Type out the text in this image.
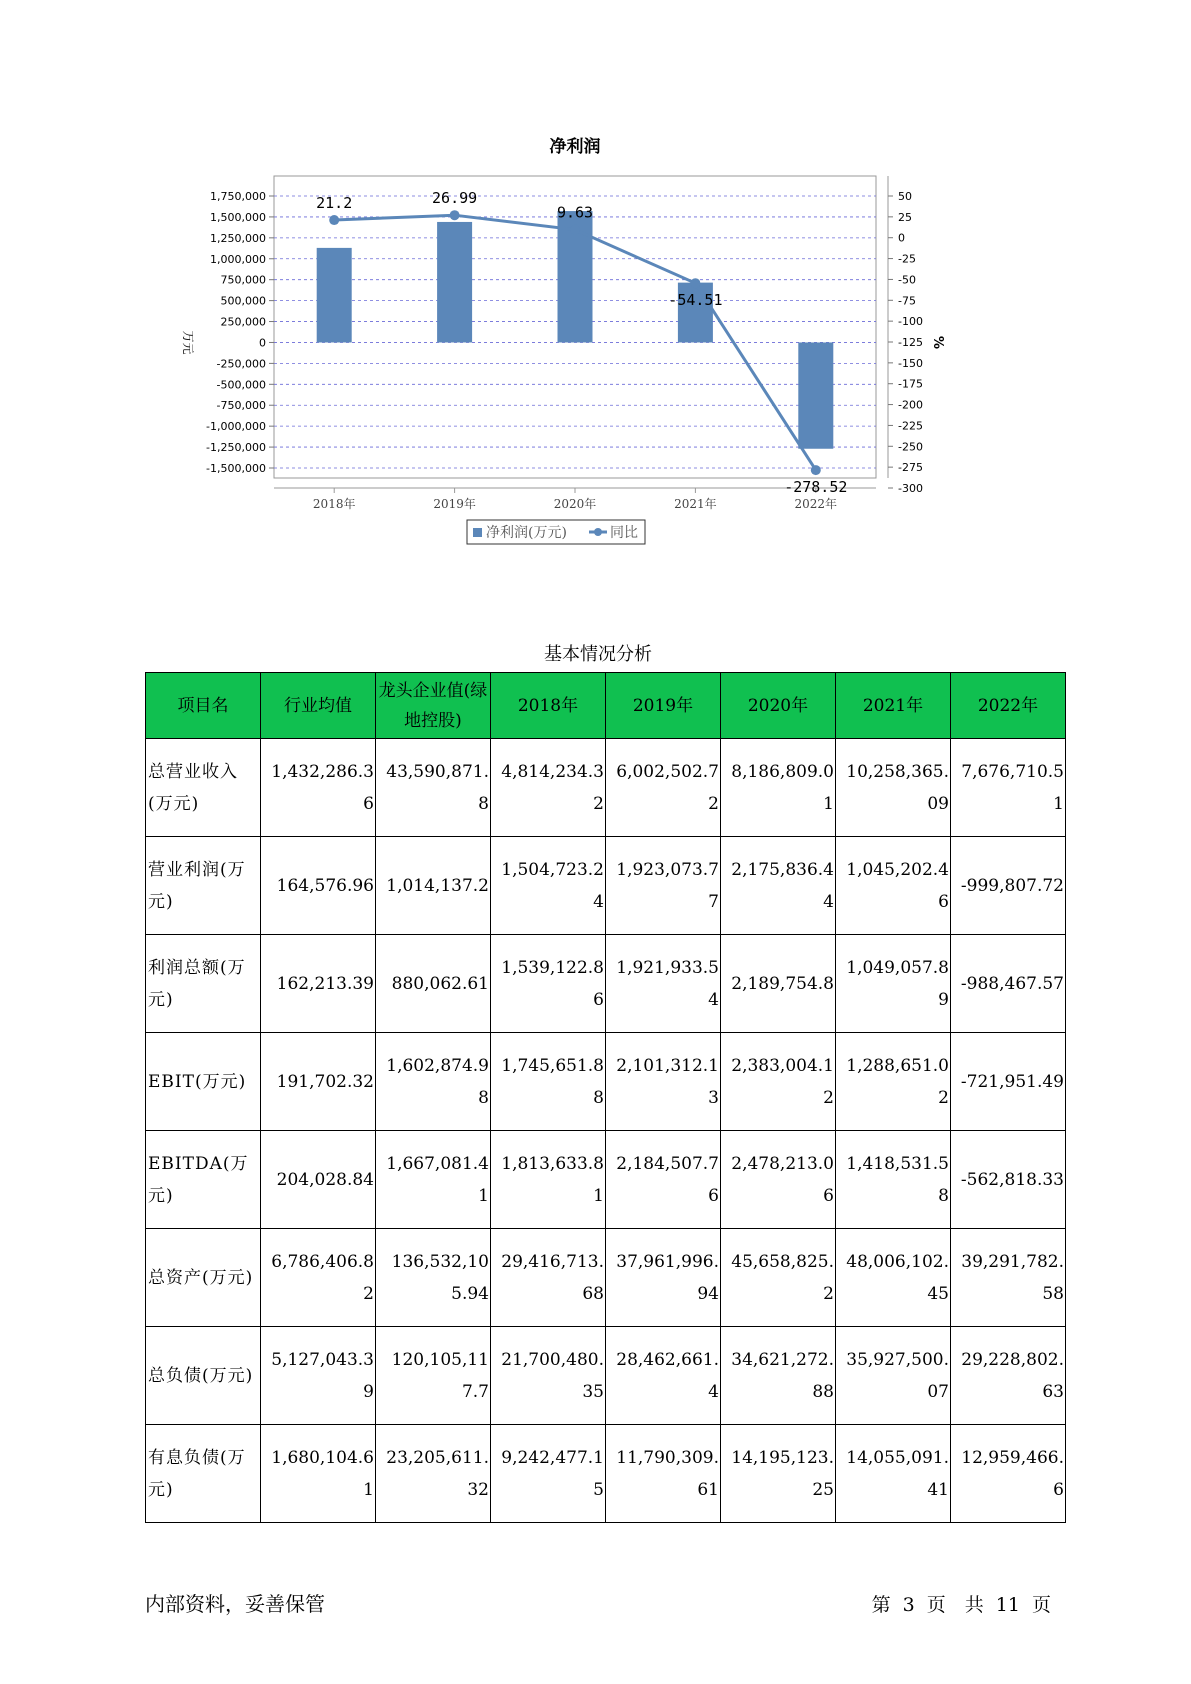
净利润
1,750,000
1,500,000
1,250,000
1,000,000
750,000
500,000
250,000
0
-250,000
-500,000
-750,000
-1,000,000
-1,250,000
-1,500,000
50
25
0
-25
-50
-75
-100
-125
-150
-175
-200
-225
-250
-275
-300
万元	%
2018年	2019年	2020年	2021年	2022年
21.2	26.99
9.63
-54.51
-278.52
净利润(万元)	同比
基本情况分析
项目名	行业均值	龙头企业值(绿地控股)	2018年	2019年	2020年	2021年	2022年
总营业收入(万元)	1,432,286.36	43,590,871.8	4,814,234.32	6,002,502.72	8,186,809.01	10,258,365.09	7,676,710.51
营业利润(万元)	164,576.96	1,014,137.2	1,504,723.24	1,923,073.77	2,175,836.44	1,045,202.46	-999,807.72
利润总额(万元)	162,213.39	880,062.61	1,539,122.86	1,921,933.54	2,189,754.8	1,049,057.89	-988,467.57
EBIT(万元)	191,702.32	1,602,874.98	1,745,651.88	2,101,312.13	2,383,004.12	1,288,651.02	-721,951.49
EBITDA(万元)	204,028.84	1,667,081.41	1,813,633.81	2,184,507.76	2,478,213.06	1,418,531.58	-562,818.33
总资产(万元)	6,786,406.82	136,532,105.94	29,416,713.68	37,961,996.94	45,658,825.2	48,006,102.45	39,291,782.58
总负债(万元)	5,127,043.39	120,105,117.7	21,700,480.35	28,462,661.4	34,621,272.88	35,927,500.07	29,228,802.63
有息负债(万元)	1,680,104.61	23,205,611.32	9,242,477.15	11,790,309.61	14,195,123.25	14,055,091.41	12,959,466.6
内部资料，妥善保管	第 3 页　共 11 页
